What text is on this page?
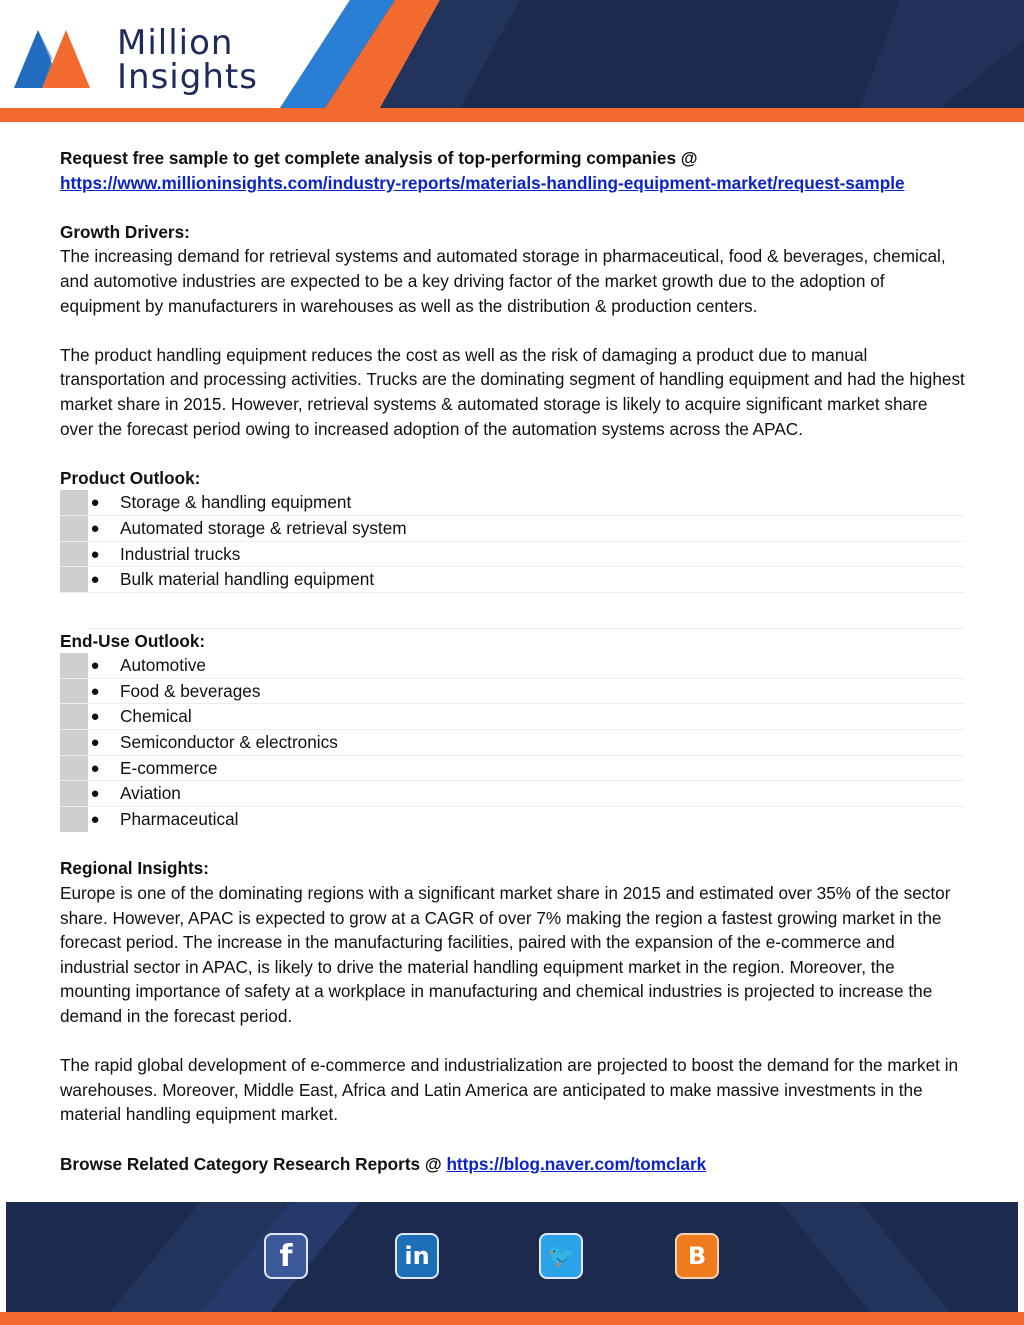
Million
Insights
Request free sample to get complete analysis of top-performing companies @
https://www.millioninsights.com/industry-reports/materials-handling-equipment-market/request-sample
Growth Drivers:
The increasing demand for retrieval systems and automated storage in pharmaceutical, food & beverages, chemical, and automotive industries are expected to be a key driving factor of the market growth due to the adoption of equipment by manufacturers in warehouses as well as the distribution & production centers.
The product handling equipment reduces the cost as well as the risk of damaging a product due to manual transportation and processing activities. Trucks are the dominating segment of handling equipment and had the highest market share in 2015. However, retrieval systems & automated storage is likely to acquire significant market share over the forecast period owing to increased adoption of the automation systems across the APAC.
Product Outlook:
● Storage & handling equipment
● Automated storage & retrieval system
● Industrial trucks
● Bulk material handling equipment
End-Use Outlook:
● Automotive
● Food & beverages
● Chemical
● Semiconductor & electronics
● E-commerce
● Aviation
● Pharmaceutical
Regional Insights:
Europe is one of the dominating regions with a significant market share in 2015 and estimated over 35% of the sector share. However, APAC is expected to grow at a CAGR of over 7% making the region a fastest growing market in the forecast period. The increase in the manufacturing facilities, paired with the expansion of the e-commerce and industrial sector in APAC, is likely to drive the material handling equipment market in the region. Moreover, the mounting importance of safety at a workplace in manufacturing and chemical industries is projected to increase the demand in the forecast period.
The rapid global development of e-commerce and industrialization are projected to boost the demand for the market in warehouses. Moreover, Middle East, Africa and Latin America are anticipated to make massive investments in the material handling equipment market.
Browse Related Category Research Reports @ https://blog.naver.com/tomclark
f	in	🐦	B
